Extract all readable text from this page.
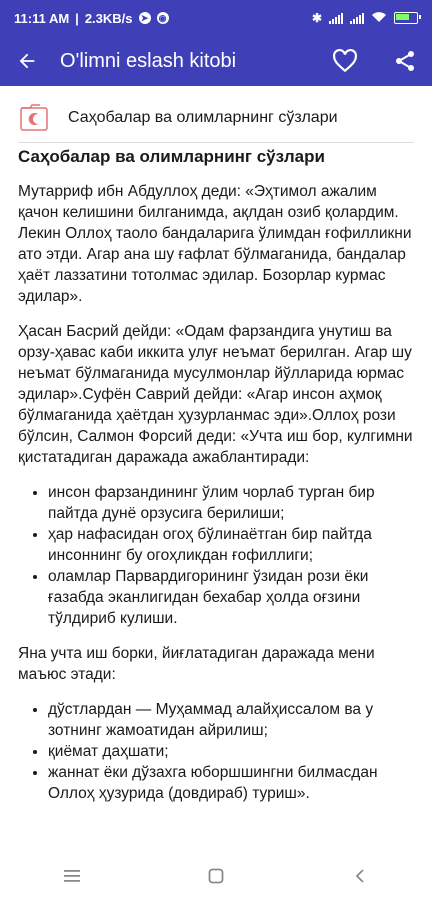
11:11 AM | 2.3KB/s ➤ ◉	✱
O'limni eslash kitobi
Саҳобалар ва олимларнинг сўзлари
Саҳобалар ва олимларнинг сўзлари

Мутарриф ибн Абдуллоҳ деди: «Эҳтимол ажалим қачон келишини билганимда, ақлдан озиб қолардим. Лекин Оллоҳ таоло бандаларига ўлимдан ғофилликни ато этди. Агар ана шу ғафлат бўлмаганида, бандалар ҳаёт лаззатини тотолмас эдилар. Бозорлар курмас эдилар».

Ҳасан Басрий дейди: «Одам фарзандига унутиш ва орзу-ҳавас каби иккита улуғ неъмат берилган. Агар шу неъмат бўлмаганида мусулмонлар йўлларида юрмас эдилар».Суфён Саврий дейди: «Агар инсон аҳмоқ бўлмаганида ҳаётдан ҳузурланмас эди».Оллоҳ рози бўлсин, Салмон Форсий деди: «Учта иш бор, кулгимни қистатадиган даражада ажаблантиради:

• инсон фарзандининг ўлим чорлаб турган бир пайтда дунё орзусига берилиши;
• ҳар нафасидан огоҳ бўлинаётган бир пайтда инсоннинг бу огоҳликдан ғофиллиги;
• оламлар Парвардигорининг ўзидан рози ёки ғазабда эканлигидан бехабар ҳолда оғзини тўлдириб кулиши.

Яна учта иш борки, йиғлатадиган даражада мени маъюс этади:

• дўстлардан — Муҳаммад алайҳиссалом ва у зотнинг жамоатидан айрилиш;
• қиёмат даҳшати;
• жаннат ёки дўзахга юборшшингни билмасдан Оллоҳ ҳузурида (довдираб) туриш».
